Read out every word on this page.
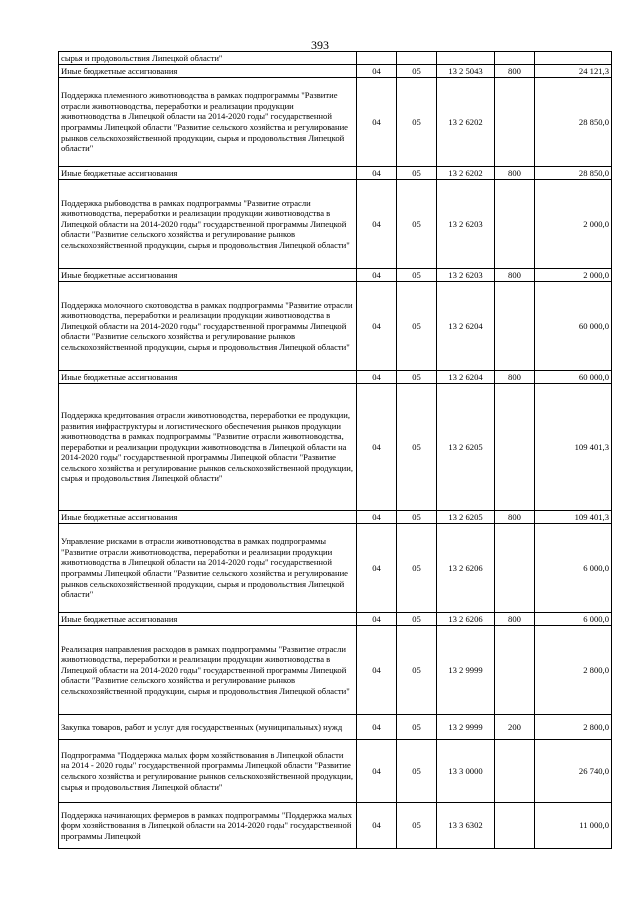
393
сырья и продовольствия Липецкой области"					
Иные бюджетные ассигнования	04	05	13 2 5043	800	24 121,3
Поддержка племенного животноводства в рамках подпрограммы "Развитие отрасли животноводства, переработки и реализации продукции животноводства в Липецкой области на 2014-2020 годы" государственной программы Липецкой области "Развитие сельского хозяйства и регулирование рынков сельскохозяйственной продукции, сырья и продовольствия Липецкой области"	04	05	13 2 6202		28 850,0
Иные бюджетные ассигнования	04	05	13 2 6202	800	28 850,0
Поддержка рыбоводства в рамках подпрограммы "Развитие отрасли животноводства, переработки и реализации продукции животноводства в Липецкой области на 2014-2020 годы" государственной программы Липецкой области "Развитие сельского хозяйства и регулирование рынков сельскохозяйственной продукции, сырья и продовольствия Липецкой области"	04	05	13 2 6203		2 000,0
Иные бюджетные ассигнования	04	05	13 2 6203	800	2 000,0
Поддержка молочного скотоводства в рамках подпрограммы "Развитие отрасли животноводства, переработки и реализации продукции животноводства в Липецкой области на 2014-2020 годы" государственной программы Липецкой области "Развитие сельского хозяйства и регулирование рынков сельскохозяйственной продукции, сырья и продовольствия Липецкой области"	04	05	13 2 6204		60 000,0
Иные бюджетные ассигнования	04	05	13 2 6204	800	60 000,0
Поддержка кредитования отрасли животноводства, переработки ее продукции, развития инфраструктуры и логистического обеспечения рынков продукции животноводства в рамках подпрограммы "Развитие отрасли животноводства, переработки и реализации продукции животноводства в Липецкой области на 2014-2020 годы" государственной программы Липецкой области "Развитие сельского хозяйства и регулирование рынков сельскохозяйственной продукции, сырья и продовольствия Липецкой области"	04	05	13 2 6205		109 401,3
Иные бюджетные ассигнования	04	05	13 2 6205	800	109 401,3
Управление рисками в отрасли животноводства в рамках подпрограммы "Развитие отрасли животноводства, переработки и реализации продукции животноводства в Липецкой области на 2014-2020 годы" государственной программы Липецкой области "Развитие сельского хозяйства и регулирование рынков сельскохозяйственной продукции, сырья и продовольствия Липецкой области"	04	05	13 2 6206		6 000,0
Иные бюджетные ассигнования	04	05	13 2 6206	800	6 000,0
Реализация направления расходов в рамках подпрограммы "Развитие отрасли животноводства, переработки и реализации продукции животноводства в Липецкой области на 2014-2020 годы" государственной программы Липецкой области "Развитие сельского хозяйства и регулирование рынков сельскохозяйственной продукции, сырья и продовольствия Липецкой области"	04	05	13 2 9999		2 800,0
Закупка товаров, работ и услуг для государственных (муниципальных) нужд	04	05	13 2 9999	200	2 800,0
Подпрограмма "Поддержка малых форм хозяйствования в Липецкой области на 2014 - 2020 годы" государственной программы Липецкой области "Развитие сельского хозяйства и регулирование рынков сельскохозяйственной продукции, сырья и продовольствия Липецкой области"	04	05	13 3 0000		26 740,0
Поддержка начинающих фермеров в рамках подпрограммы "Поддержка малых форм хозяйствования в Липецкой области на 2014-2020 годы" государственной программы Липецкой	04	05	13 3 6302		11 000,0
